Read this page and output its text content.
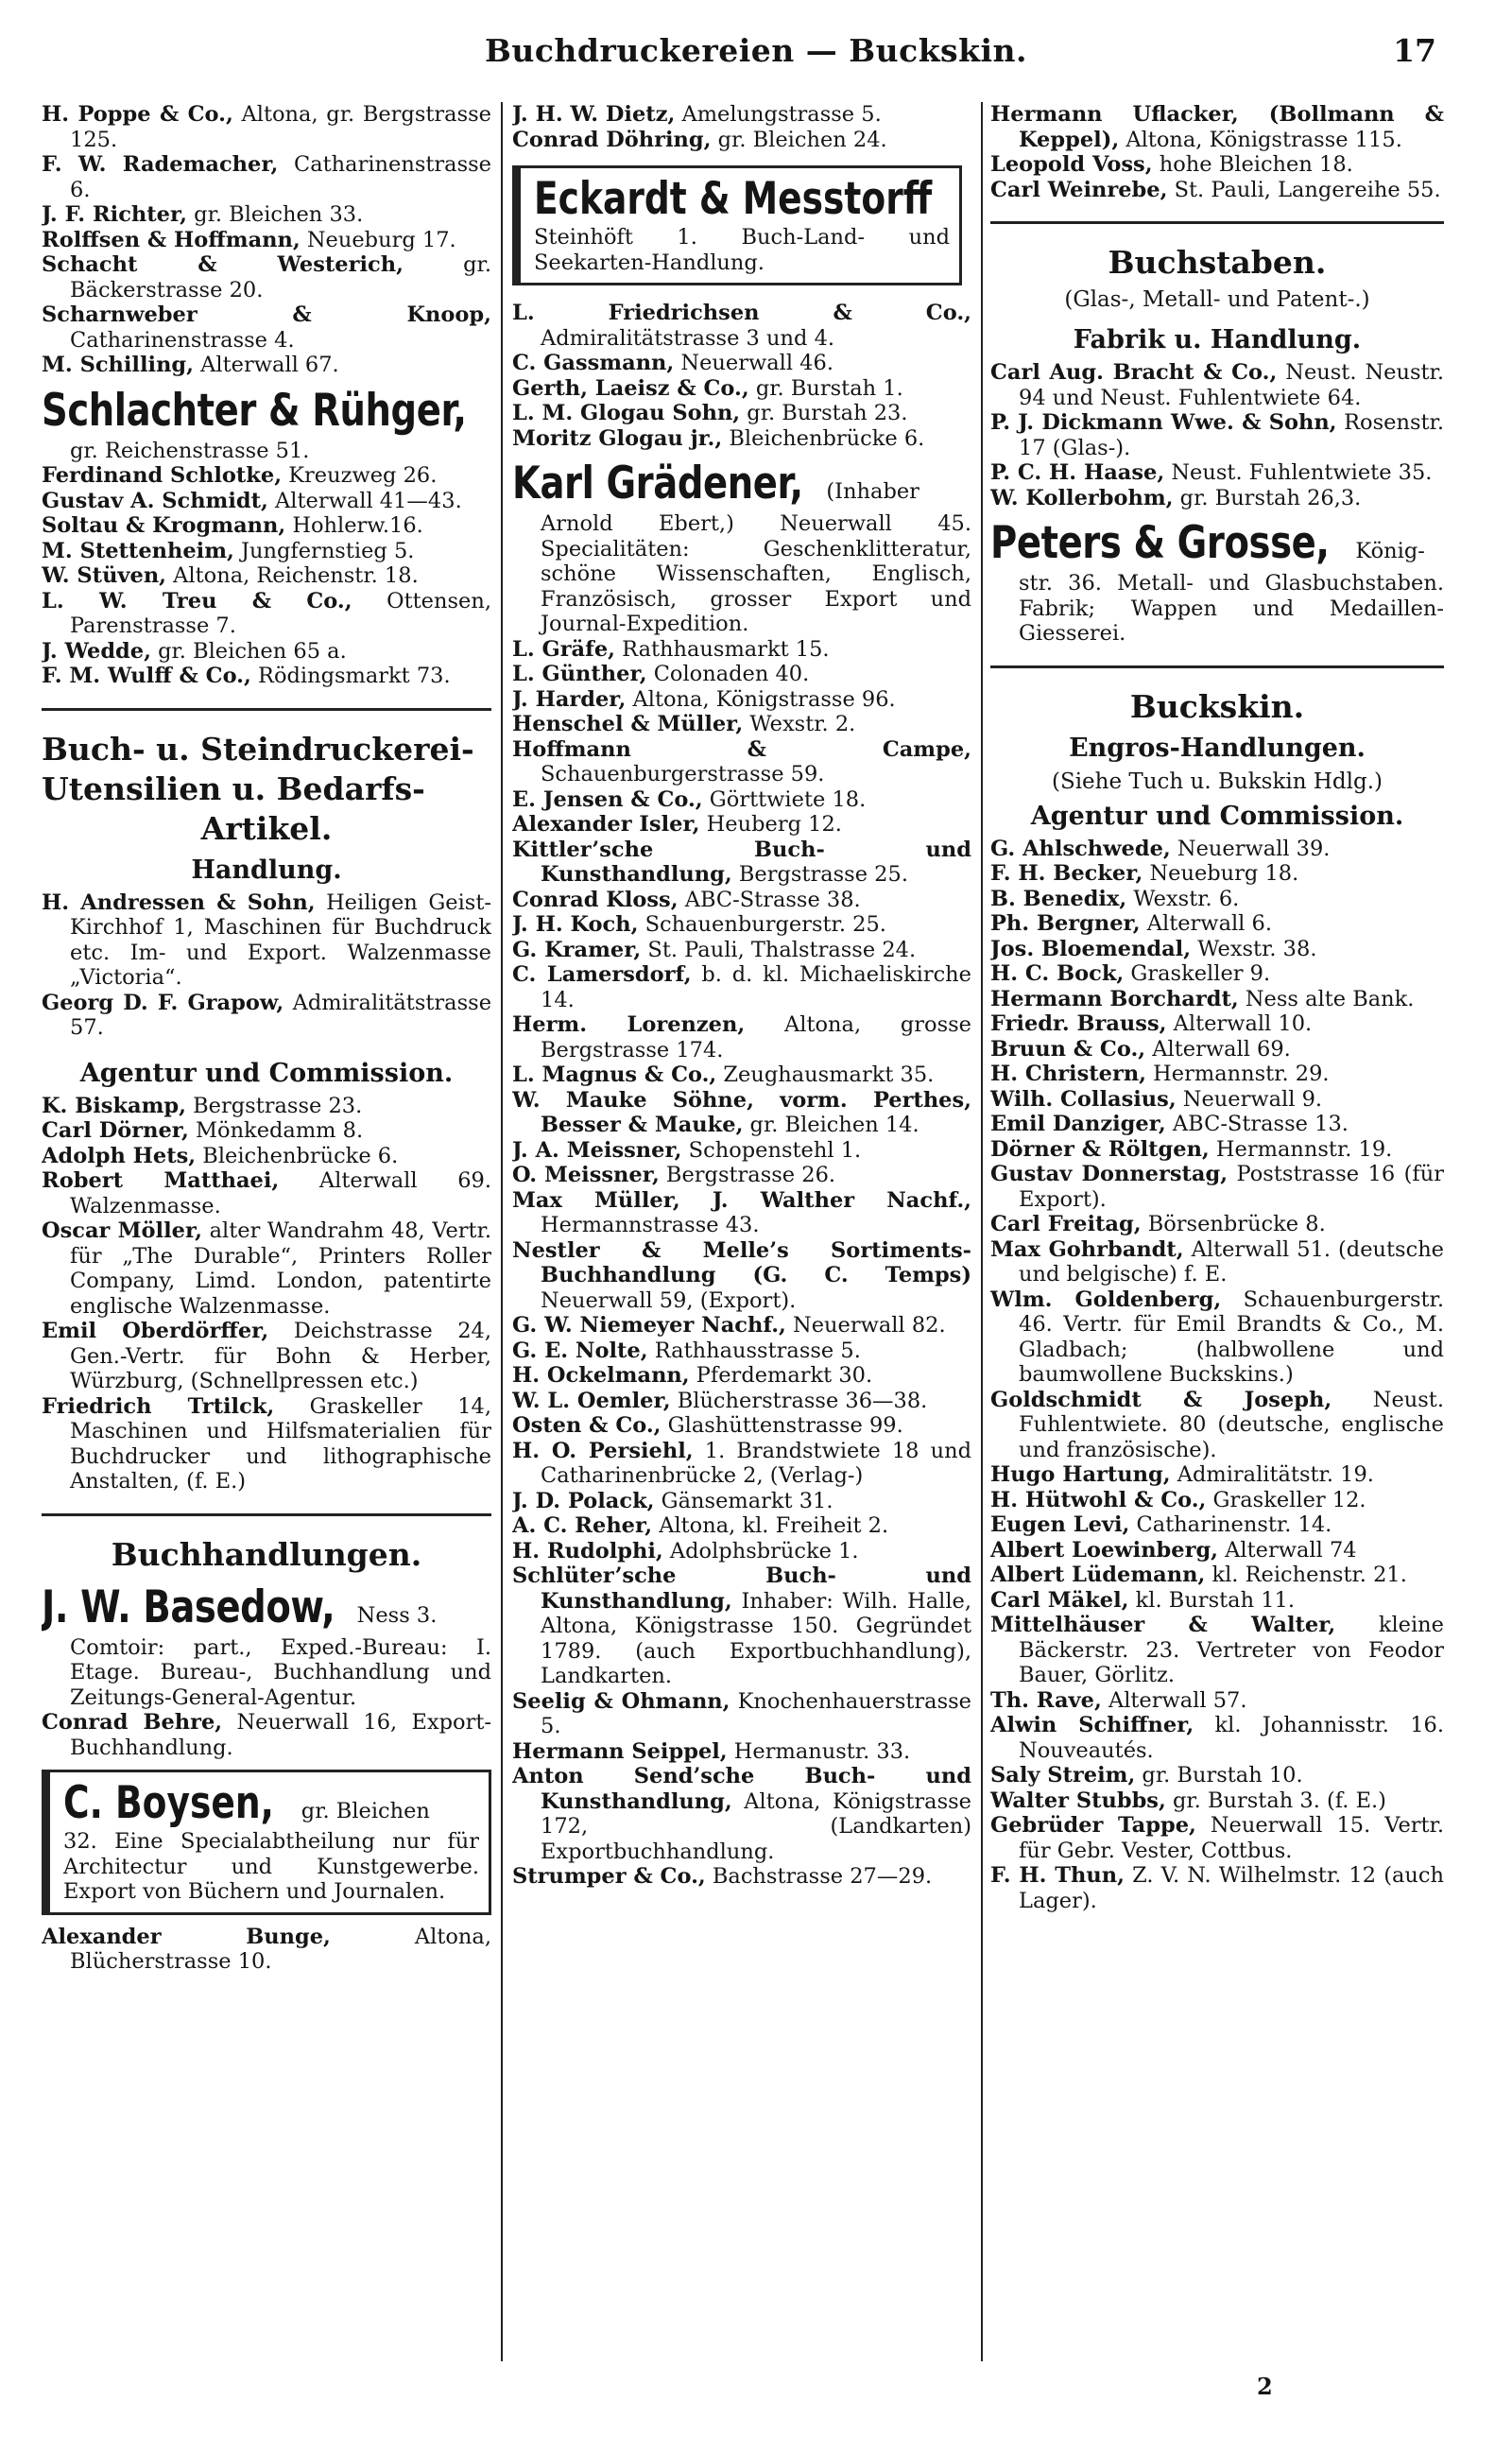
Buchdruckereien — Buckskin.	17

H. Poppe & Co., Altona, gr. Bergstrasse 125.

F. W. Rademacher, Catharinenstrasse 6.

J. F. Richter, gr. Bleichen 33.

Rolffsen & Hoffmann, Neueburg 17.

Schacht & Westerich, gr. Bäckerstrasse 20.

Scharnweber & Knoop, Catharinenstrasse 4.

M. Schilling, Alterwall 67.

Schlachter & Rühger,

gr. Reichenstrasse 51.

Ferdinand Schlotke, Kreuzweg 26.

Gustav A. Schmidt, Alterwall 41—43.

Soltau & Krogmann, Hohlerw.16.

M. Stettenheim, Jungfernstieg 5.

W. Stüven, Altona, Reichenstr. 18.

L. W. Treu & Co., Ottensen, Parenstrasse 7.

J. Wedde, gr. Bleichen 65 a.

F. M. Wulff & Co., Rödingsmarkt 73.

Buch- u. Steindruckerei-
Utensilien u. Bedarfs-
Artikel.
Handlung.

H. Andressen & Sohn, Heiligen Geist-Kirchhof 1, Maschinen für Buchdruck etc. Im- und Export. Walzenmasse „Victoria“.

Georg D. F. Grapow, Admiralitätstrasse 57.

Agentur und Commission.

K. Biskamp, Bergstrasse 23.

Carl Dörner, Mönkedamm 8.

Adolph Hets, Bleichenbrücke 6.

Robert Matthaei, Alterwall 69. Walzenmasse.

Oscar Möller, alter Wandrahm 48, Vertr. für „The Durable“, Printers Roller Company, Limd. London, patentirte englische Walzenmasse.

Emil Oberdörffer, Deichstrasse 24, Gen.-Vertr. für Bohn & Herber, Würzburg, (Schnellpressen etc.)

Friedrich Trtilck, Graskeller 14, Maschinen und Hilfsmaterialien für Buchdrucker und lithographische Anstalten, (f. E.)

Buchhandlungen.
J. W. Basedow, Ness 3.

Comtoir: part., Exped.-Bureau: I. Etage. Bureau-, Buchhandlung und Zeitungs-General-Agentur.

Conrad Behre, Neuerwall 16, Export-Buchhandlung.

C. Boysen, gr. Bleichen

32. Eine Specialabtheilung nur für Architectur und Kunstgewerbe. Export von Büchern und Journalen.

Alexander Bunge, Altona, Blücherstrasse 10.

J. H. W. Dietz, Amelungstrasse 5.

Conrad Döhring, gr. Bleichen 24.

Eckardt & Messtorff

Steinhöft 1. Buch-Land- und Seekarten-Handlung.

L. Friedrichsen & Co., Admiralitätstrasse 3 und 4.

C. Gassmann, Neuerwall 46.

Gerth, Laeisz & Co., gr. Burstah 1.

L. M. Glogau Sohn, gr. Burstah 23.

Moritz Glogau jr., Bleichenbrücke 6.

Karl Grädener, (Inhaber

Arnold Ebert,) Neuerwall 45. Specialitäten: Geschenklitteratur, schöne Wissenschaften, Englisch, Französisch, grosser Export und Journal-Expedition.

L. Gräfe, Rathhausmarkt 15.

L. Günther, Colonaden 40.

J. Harder, Altona, Königstrasse 96.

Henschel & Müller, Wexstr. 2.

Hoffmann & Campe, Schauenburgerstrasse 59.

E. Jensen & Co., Görttwiete 18.

Alexander Isler, Heuberg 12.

Kittler’sche Buch- und Kunsthandlung, Bergstrasse 25.

Conrad Kloss, ABC-Strasse 38.

J. H. Koch, Schauenburgerstr. 25.

G. Kramer, St. Pauli, Thalstrasse 24.

C. Lamersdorf, b. d. kl. Michaeliskirche 14.

Herm. Lorenzen, Altona, grosse Bergstrasse 174.

L. Magnus & Co., Zeughausmarkt 35.

W. Mauke Söhne, vorm. Perthes, Besser & Mauke, gr. Bleichen 14.

J. A. Meissner, Schopenstehl 1.

O. Meissner, Bergstrasse 26.

Max Müller, J. Walther Nachf., Hermannstrasse 43.

Nestler & Melle’s Sortiments-Buchhandlung (G. C. Temps) Neuerwall 59, (Export).

G. W. Niemeyer Nachf., Neuerwall 82.

G. E. Nolte, Rathhausstrasse 5.

H. Ockelmann, Pferdemarkt 30.

W. L. Oemler, Blücherstrasse 36—38.

Osten & Co., Glashüttenstrasse 99.

H. O. Persiehl, 1. Brandstwiete 18 und Catharinenbrücke 2, (Verlag-)

J. D. Polack, Gänsemarkt 31.

A. C. Reher, Altona, kl. Freiheit 2.

H. Rudolphi, Adolphsbrücke 1.

Schlüter’sche Buch- und Kunsthandlung, Inhaber: Wilh. Halle, Altona, Königstrasse 150. Gegründet 1789. (auch Exportbuchhandlung), Landkarten.

Seelig & Ohmann, Knochenhauerstrasse 5.

Hermann Seippel, Hermanustr. 33.

Anton Send’sche Buch- und Kunsthandlung, Altona, Königstrasse 172, (Landkarten) Exportbuchhandlung.

Strumper & Co., Bachstrasse 27—29.

Hermann Uflacker, (Bollmann & Keppel), Altona, Königstrasse 115.

Leopold Voss, hohe Bleichen 18.

Carl Weinrebe, St. Pauli, Langereihe 55.

Buchstaben.
(Glas-, Metall- und Patent-.)
Fabrik u. Handlung.

Carl Aug. Bracht & Co., Neust. Neustr. 94 und Neust. Fuhlentwiete 64.

P. J. Dickmann Wwe. & Sohn, Rosenstr. 17 (Glas-).

P. C. H. Haase, Neust. Fuhlentwiete 35.

W. Kollerbohm, gr. Burstah 26,3.

Peters & Grosse, König-

str. 36. Metall- und Glasbuchstaben. Fabrik; Wappen und Medaillen-Giesserei.

Buckskin.
Engros-Handlungen.
(Siehe Tuch u. Bukskin Hdlg.)
Agentur und Commission.

G. Ahlschwede, Neuerwall 39.

F. H. Becker, Neueburg 18.

B. Benedix, Wexstr. 6.

Ph. Bergner, Alterwall 6.

Jos. Bloemendal, Wexstr. 38.

H. C. Bock, Graskeller 9.

Hermann Borchardt, Ness alte Bank.

Friedr. Brauss, Alterwall 10.

Bruun & Co., Alterwall 69.

H. Christern, Hermannstr. 29.

Wilh. Collasius, Neuerwall 9.

Emil Danziger, ABC-Strasse 13.

Dörner & Röltgen, Hermannstr. 19.

Gustav Donnerstag, Poststrasse 16 (für Export).

Carl Freitag, Börsenbrücke 8.

Max Gohrbandt, Alterwall 51. (deutsche und belgische) f. E.

Wlm. Goldenberg, Schauenburgerstr. 46. Vertr. für Emil Brandts & Co., M. Gladbach; (halbwollene und baumwollene Buckskins.)

Goldschmidt & Joseph, Neust. Fuhlentwiete. 80 (deutsche, englische und französische).

Hugo Hartung, Admiralitätstr. 19.

H. Hütwohl & Co., Graskeller 12.

Eugen Levi, Catharinenstr. 14.

Albert Loewinberg, Alterwall 74

Albert Lüdemann, kl. Reichenstr. 21.

Carl Mäkel, kl. Burstah 11.

Mittelhäuser & Walter, kleine Bäckerstr. 23. Vertreter von Feodor Bauer, Görlitz.

Th. Rave, Alterwall 57.

Alwin Schiffner, kl. Johannisstr. 16. Nouveautés.

Saly Streim, gr. Burstah 10.

Walter Stubbs, gr. Burstah 3. (f. E.)

Gebrüder Tappe, Neuerwall 15. Vertr. für Gebr. Vester, Cottbus.

F. H. Thun, Z. V. N. Wilhelmstr. 12 (auch Lager).

2
